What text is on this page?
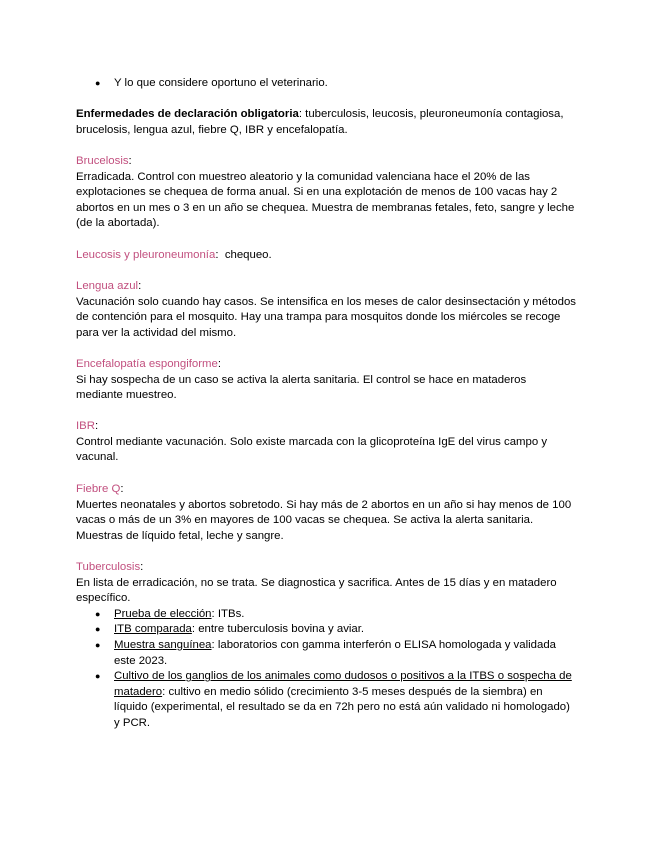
● Y lo que considere oportuno el veterinario.

Enfermedades de declaración obligatoria: tuberculosis, leucosis, pleuroneumonía contagiosa, brucelosis, lengua azul, fiebre Q, IBR y encefalopatía.

Brucelosis:

Erradicada. Control con muestreo aleatorio y la comunidad valenciana hace el 20% de las explotaciones se chequea de forma anual. Si en una explotación de menos de 100 vacas hay 2 abortos en un mes o 3 en un año se chequea. Muestra de membranas fetales, feto, sangre y leche (de la abortada).

Leucosis y pleuroneumonía:  chequeo.

Lengua azul:

Vacunación solo cuando hay casos. Se intensifica en los meses de calor desinsectación y métodos de contención para el mosquito. Hay una trampa para mosquitos donde los miércoles se recoge para ver la actividad del mismo.

Encefalopatía espongiforme:

Si hay sospecha de un caso se activa la alerta sanitaria. El control se hace en mataderos mediante muestreo.

IBR:

Control mediante vacunación. Solo existe marcada con la glicoproteína IgE del virus campo y vacunal.

Fiebre Q:

Muertes neonatales y abortos sobretodo. Si hay más de 2 abortos en un año si hay menos de 100 vacas o más de un 3% en mayores de 100 vacas se chequea. Se activa la alerta sanitaria. Muestras de líquido fetal, leche y sangre.

Tuberculosis:

En lista de erradicación, no se trata. Se diagnostica y sacrifica. Antes de 15 días y en matadero específico.

● Prueba de elección: ITBs.
● ITB comparada: entre tuberculosis bovina y aviar.
● Muestra sanguínea: laboratorios con gamma interferón o ELISA homologada y validada este 2023.
● Cultivo de los ganglios de los animales como dudosos o positivos a la ITBS o sospecha de matadero: cultivo en medio sólido (crecimiento 3-5 meses después de la siembra) en líquido (experimental, el resultado se da en 72h pero no está aún validado ni homologado) y PCR.
